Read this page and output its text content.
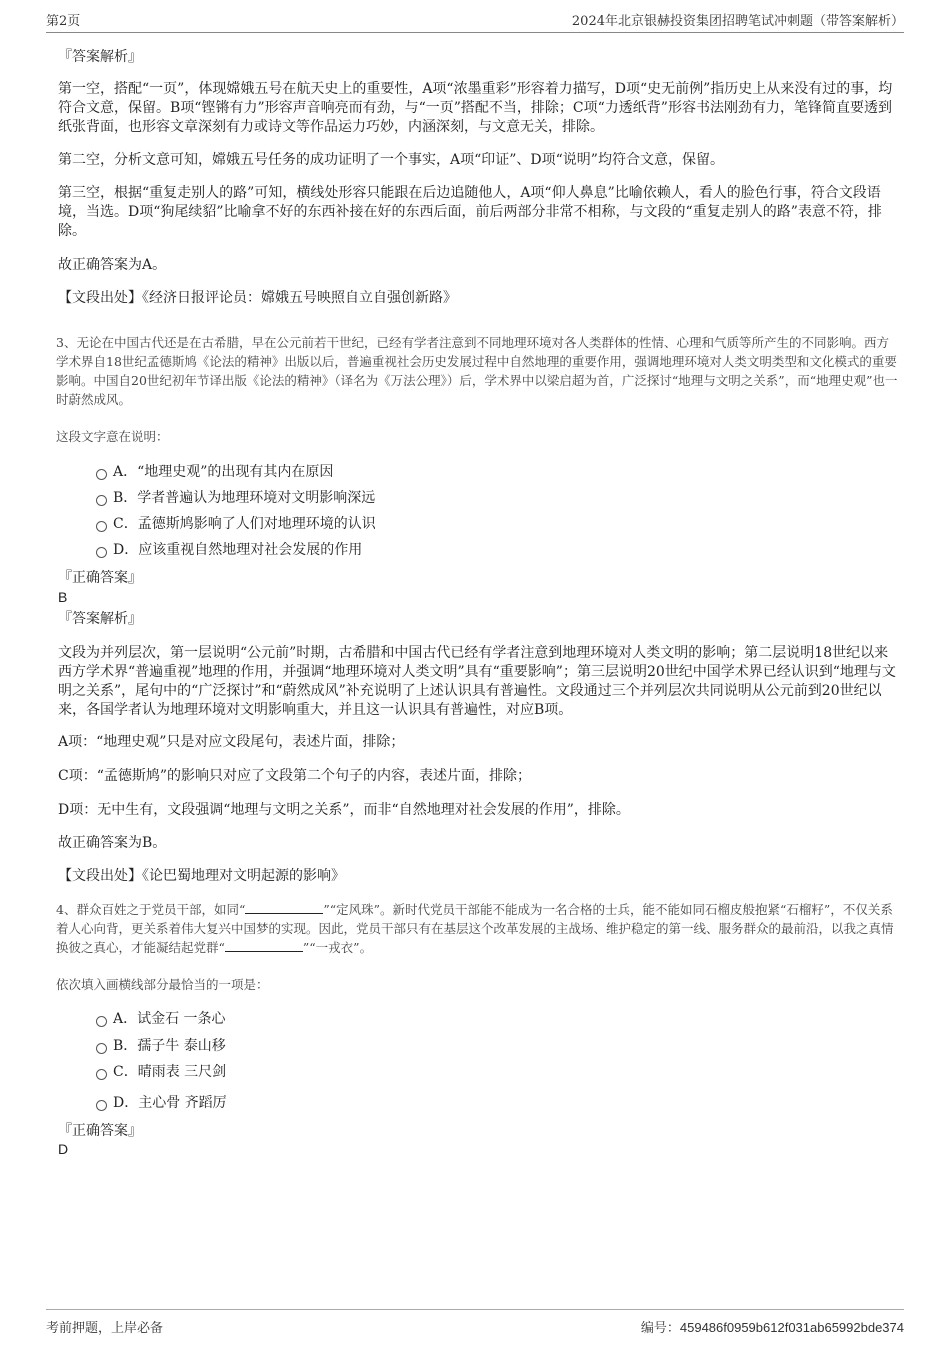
第2页	2024年北京银赫投资集团招聘笔试冲刺题（带答案解析）
『答案解析』
第一空，搭配“一页”，体现嫦娥五号在航天史上的重要性，A项“浓墨重彩”形容着力描写，D项“史无前例”指历史上从来没有过的事，均符合文意，保留。B项“铿锵有力”形容声音响亮而有劲，与“一页”搭配不当，排除；C项“力透纸背”形容书法刚劲有力，笔锋简直要透到纸张背面，也形容文章深刻有力或诗文等作品运力巧妙，内涵深刻，与文意无关，排除。
第二空，分析文意可知，嫦娥五号任务的成功证明了一个事实，A项“印证”、D项“说明”均符合文意，保留。
第三空，根据“重复走别人的路”可知，横线处形容只能跟在后边追随他人，A项“仰人鼻息”比喻依赖人，看人的脸色行事，符合文段语境，当选。D项“狗尾续貂”比喻拿不好的东西补接在好的东西后面，前后两部分非常不相称，与文段的“重复走别人的路”表意不符，排除。
故正确答案为A。
【文段出处】《经济日报评论员：嫦娥五号映照自立自强创新路》
3、无论在中国古代还是在古希腊，早在公元前若干世纪，已经有学者注意到不同地理环境对各人类群体的性情、心理和气质等所产生的不同影响。西方学术界自18世纪孟德斯鸠《论法的精神》出版以后，普遍重视社会历史发展过程中自然地理的重要作用，强调地理环境对人类文明类型和文化模式的重要影响。中国自20世纪初年节译出版《论法的精神》（译名为《万法公理》）后，学术界中以梁启超为首，广泛探讨“地理与文明之关系”，而“地理史观”也一时蔚然成风。
这段文字意在说明：
A．“地理史观”的出现有其内在原因
B．学者普遍认为地理环境对文明影响深远
C．孟德斯鸠影响了人们对地理环境的认识
D．应该重视自然地理对社会发展的作用
『正确答案』
B
『答案解析』
文段为并列层次，第一层说明“公元前”时期，古希腊和中国古代已经有学者注意到地理环境对人类文明的影响；第二层说明18世纪以来西方学术界“普遍重视”地理的作用，并强调“地理环境对人类文明”具有“重要影响”；第三层说明20世纪中国学术界已经认识到“地理与文明之关系”，尾句中的“广泛探讨”和“蔚然成风”补充说明了上述认识具有普遍性。文段通过三个并列层次共同说明从公元前到20世纪以来，各国学者认为地理环境对文明影响重大，并且这一认识具有普遍性，对应B项。
A项：“地理史观”只是对应文段尾句，表述片面，排除；
C项：“孟德斯鸠”的影响只对应了文段第二个句子的内容，表述片面，排除；
D项：无中生有，文段强调“地理与文明之关系”，而非“自然地理对社会发展的作用”，排除。
故正确答案为B。
【文段出处】《论巴蜀地理对文明起源的影响》
4、群众百姓之于党员干部，如同“	”“定风珠”。新时代党员干部能不能成为一名合格的士兵，能不能如同石榴皮般抱紧“石榴籽”，不仅关系着人心向背，更关系着伟大复兴中国梦的实现。因此，党员干部只有在基层这个改革发展的主战场、维护稳定的第一线、服务群众的最前沿，以我之真情换彼之真心，才能凝结起党群“	”“一戎衣”。
依次填入画横线部分最恰当的一项是：
A．试金石 一条心
B．孺子牛 泰山移
C．晴雨表 三尺剑
D．主心骨 齐蹈厉
『正确答案』
D
考前押题，上岸必备	编号：459486f0959b612f031ab65992bde374
